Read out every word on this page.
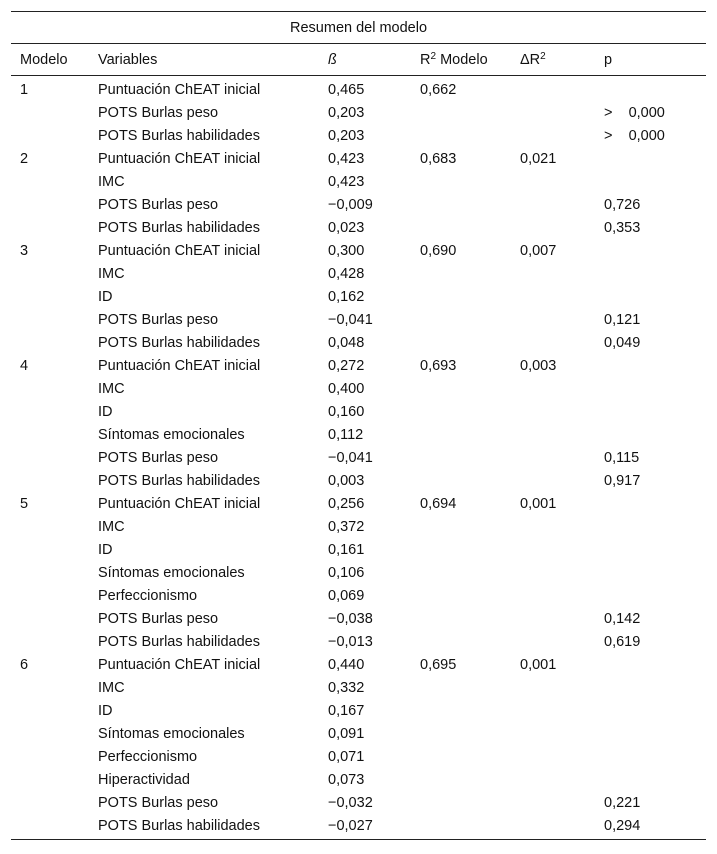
Resumen del modelo					
Modelo	Variables	ß	$R^2$ Modelo	$\Delta R^2$	p
1	Puntuación ChEAT inicial	0,465	0,662		
	POTS Burlas peso	0,203			>    0,000
	POTS Burlas habilidades	0,203			>    0,000
2	Puntuación ChEAT inicial	0,423	0,683	0,021	
	IMC	0,423			
	POTS Burlas peso	−0,009			0,726
	POTS Burlas habilidades	0,023			0,353
3	Puntuación ChEAT inicial	0,300	0,690	0,007	
	IMC	0,428			
	ID	0,162			
	POTS Burlas peso	−0,041			0,121
	POTS Burlas habilidades	0,048			0,049
4	Puntuación ChEAT inicial	0,272	0,693	0,003	
	IMC	0,400			
	ID	0,160			
	Síntomas emocionales	0,112			
	POTS Burlas peso	−0,041			0,115
	POTS Burlas habilidades	0,003			0,917
5	Puntuación ChEAT inicial	0,256	0,694	0,001	
	IMC	0,372			
	ID	0,161			
	Síntomas emocionales	0,106			
	Perfeccionismo	0,069			
	POTS Burlas peso	−0,038			0,142
	POTS Burlas habilidades	−0,013			0,619
6	Puntuación ChEAT inicial	0,440	0,695	0,001	
	IMC	0,332			
	ID	0,167			
	Síntomas emocionales	0,091			
	Perfeccionismo	0,071			
	Hiperactividad	0,073			
	POTS Burlas peso	−0,032			0,221
	POTS Burlas habilidades	−0,027			0,294
